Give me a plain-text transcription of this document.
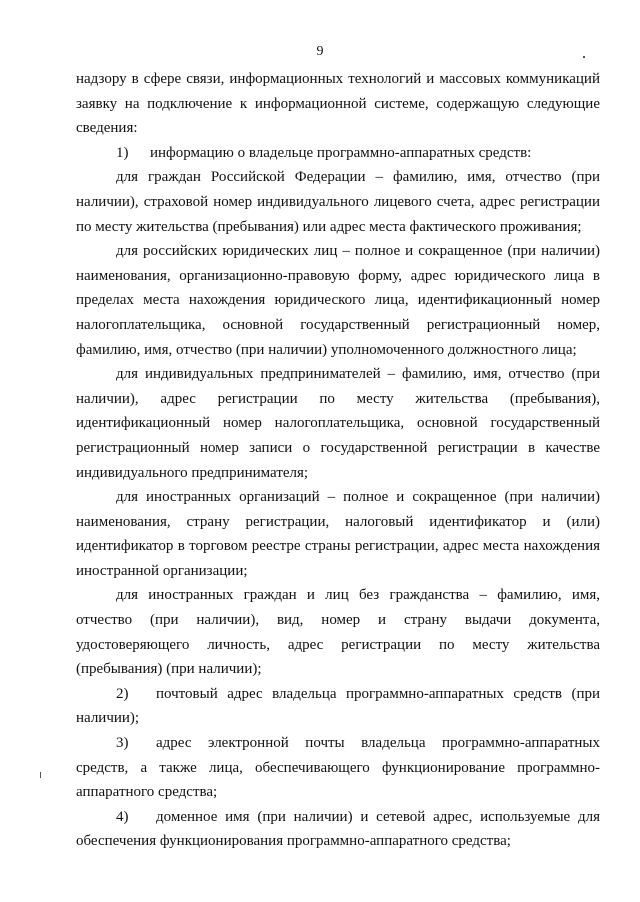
9

надзору в сфере связи, информационных технологий и массовых коммуникаций заявку на подключение к информационной системе, содержащую следующие сведения:

1) информацию о владельце программно-аппаратных средств:

для граждан Российской Федерации – фамилию, имя, отчество (при наличии), страховой номер индивидуального лицевого счета, адрес регистрации по месту жительства (пребывания) или адрес места фактического проживания;

для российских юридических лиц – полное и сокращенное (при наличии) наименования, организационно-правовую форму, адрес юридического лица в пределах места нахождения юридического лица, идентификационный номер налогоплательщика, основной государственный регистрационный номер, фамилию, имя, отчество (при наличии) уполномоченного должностного лица;

для индивидуальных предпринимателей – фамилию, имя, отчество (при наличии), адрес регистрации по месту жительства (пребывания), идентификационный номер налогоплательщика, основной государственный регистрационный номер записи о государственной регистрации в качестве индивидуального предпринимателя;

для иностранных организаций – полное и сокращенное (при наличии) наименования, страну регистрации, налоговый идентификатор и (или) идентификатор в торговом реестре страны регистрации, адрес места нахождения иностранной организации;

для иностранных граждан и лиц без гражданства – фамилию, имя, отчество (при наличии), вид, номер и страну выдачи документа, удостоверяющего личность, адрес регистрации по месту жительства (пребывания) (при наличии);

2) почтовый адрес владельца программно-аппаратных средств (при наличии);

3) адрес электронной почты владельца программно-аппаратных средств, а также лица, обеспечивающего функционирование программно-аппаратного средства;

4) доменное имя (при наличии) и сетевой адрес, используемые для обеспечения функционирования программно-аппаратного средства;
